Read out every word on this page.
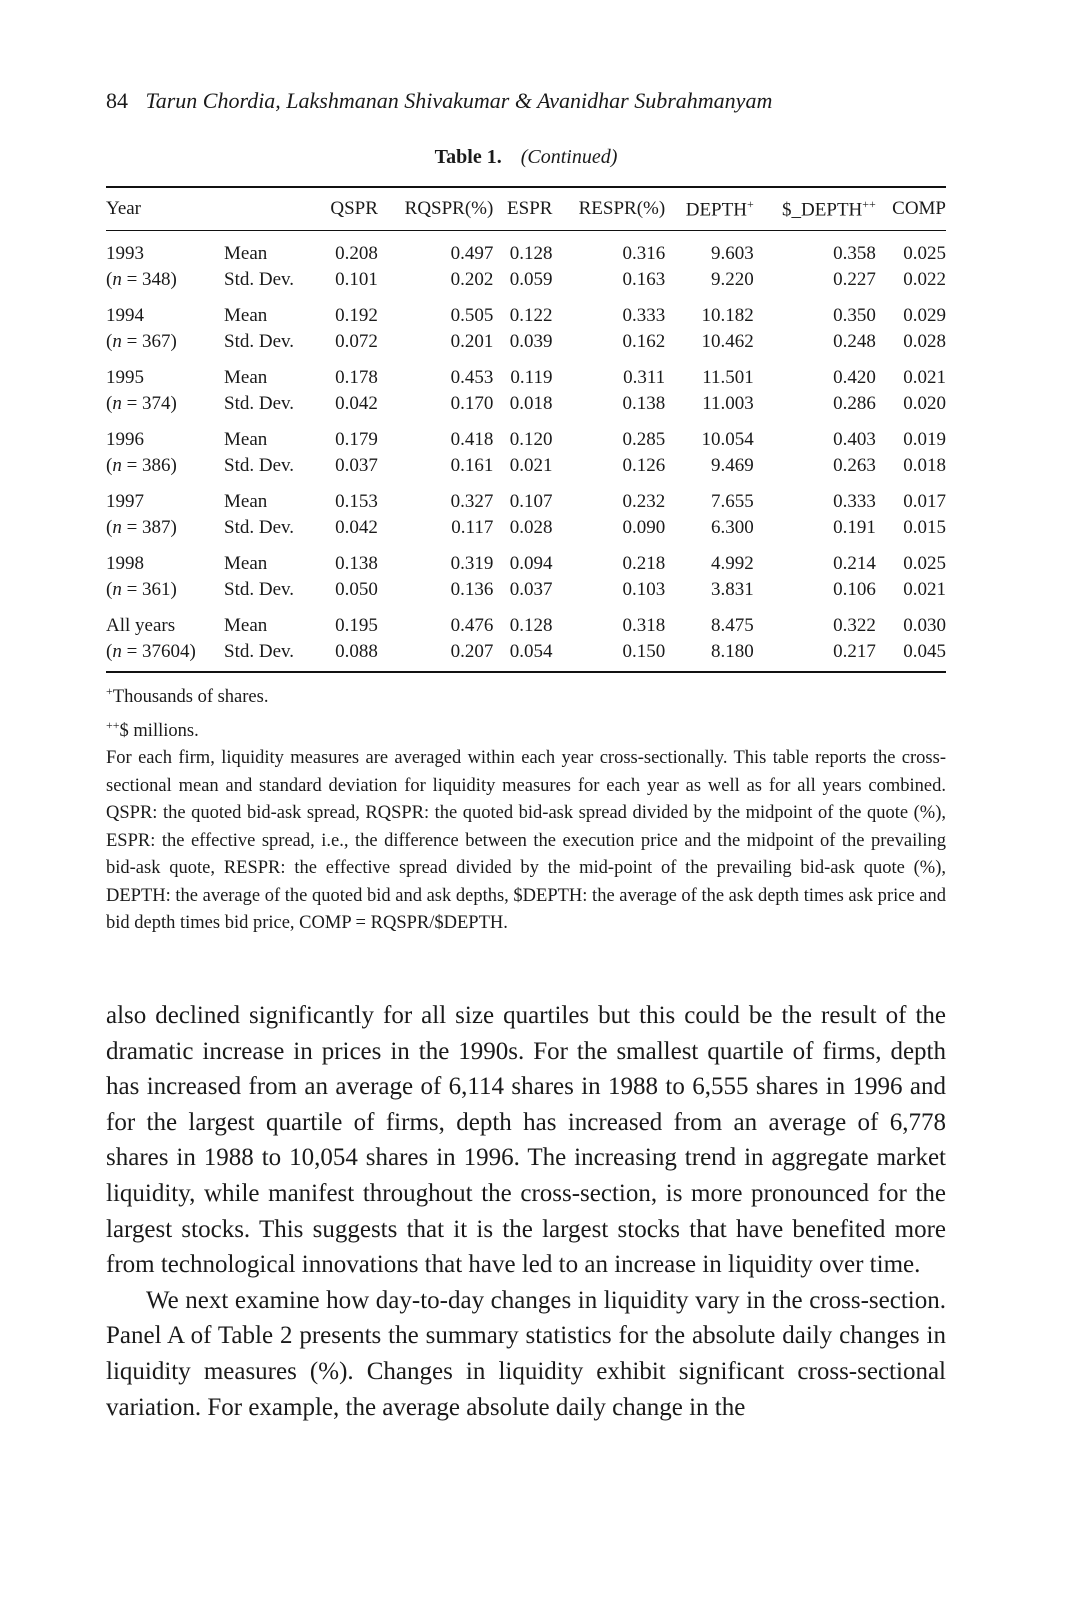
84 Tarun Chordia, Lakshmanan Shivakumar & Avanidhar Subrahmanyam
Table 1. (Continued)
Year		QSPR	RQSPR(%)	ESPR	RESPR(%)	DEPTH+	$_DEPTH++	COMP
1993	Mean	0.208	0.497	0.128	0.316	9.603	0.358	0.025
(n = 348)	Std. Dev.	0.101	0.202	0.059	0.163	9.220	0.227	0.022
1994	Mean	0.192	0.505	0.122	0.333	10.182	0.350	0.029
(n = 367)	Std. Dev.	0.072	0.201	0.039	0.162	10.462	0.248	0.028
1995	Mean	0.178	0.453	0.119	0.311	11.501	0.420	0.021
(n = 374)	Std. Dev.	0.042	0.170	0.018	0.138	11.003	0.286	0.020
1996	Mean	0.179	0.418	0.120	0.285	10.054	0.403	0.019
(n = 386)	Std. Dev.	0.037	0.161	0.021	0.126	9.469	0.263	0.018
1997	Mean	0.153	0.327	0.107	0.232	7.655	0.333	0.017
(n = 387)	Std. Dev.	0.042	0.117	0.028	0.090	6.300	0.191	0.015
1998	Mean	0.138	0.319	0.094	0.218	4.992	0.214	0.025
(n = 361)	Std. Dev.	0.050	0.136	0.037	0.103	3.831	0.106	0.021
All years	Mean	0.195	0.476	0.128	0.318	8.475	0.322	0.030
(n = 37604)	Std. Dev.	0.088	0.207	0.054	0.150	8.180	0.217	0.045

+Thousands of shares.

++$ millions.

For each firm, liquidity measures are averaged within each year cross-sectionally. This table reports the cross-sectional mean and standard deviation for liquidity measures for each year as well as for all years combined. QSPR: the quoted bid-ask spread, RQSPR: the quoted bid-ask spread divided by the midpoint of the quote (%), ESPR: the effective spread, i.e., the difference between the execution price and the midpoint of the prevailing bid-ask quote, RESPR: the effective spread divided by the mid-point of the prevailing bid-ask quote (%), DEPTH: the average of the quoted bid and ask depths, $DEPTH: the average of the ask depth times ask price and bid depth times bid price, COMP = RQSPR/$DEPTH.

also declined significantly for all size quartiles but this could be the result of the dramatic increase in prices in the 1990s. For the smallest quartile of firms, depth has increased from an average of 6,114 shares in 1988 to 6,555 shares in 1996 and for the largest quartile of firms, depth has increased from an average of 6,778 shares in 1988 to 10,054 shares in 1996. The increasing trend in aggregate market liquidity, while manifest throughout the cross-section, is more pronounced for the largest stocks. This suggests that it is the largest stocks that have benefited more from technological innovations that have led to an increase in liquidity over time.

We next examine how day-to-day changes in liquidity vary in the cross-section. Panel A of Table 2 presents the summary statistics for the absolute daily changes in liquidity measures (%). Changes in liquidity exhibit significant cross-sectional variation. For example, the average absolute daily change in the
